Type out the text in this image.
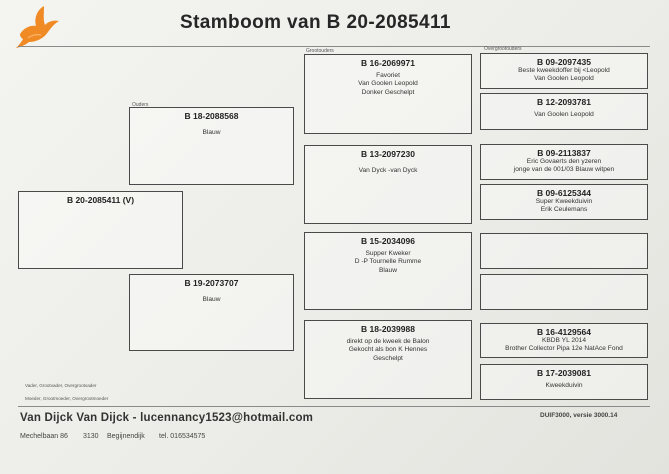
Stamboom van B 20-2085411
Ouders
Grootouders	Overgrootouders
B 20-2085411 (V)
B 18-2088568
Blauw
B 19-2073707
Blauw
B 16-2069971
Favoriet
Van Goolen Leopold
Donker Geschelpt
B 13-2097230
Van Dyck -van Dyck
B 15-2034096
Supper Kweker
D -P Tournelle Rumme
Blauw
B 18-2039988
direkt op de kweek de Balon
Gekocht als bon K Hennes
Geschelpt
B 09-2097435
Beste kweekdoffer bij <Leopold
Van Goolen Leopold
B 12-2093781
Van Goolen Leopold
B 09-2113837
Eric Govaerts den yzeren
jonge van de 001/03 Blauw witpen
B 09-6125344
Super Kweekduivin
Erik Ceulemans
B 16-4129564
KBDB YL 2014
Brother Collector Pipa 12e NatAce Fond
B 17-2039081
Kweekduivin
Vader, Grootvader, Overgrootvader
Moeder, Grootmoeder, Overgrootmoeder
Van Dijck Van Dijck - lucennancy1523@hotmail.com	DUIF3000, versie 3000.14
Mechelbaan 86 3130 Begijnendijk tel. 016534575
